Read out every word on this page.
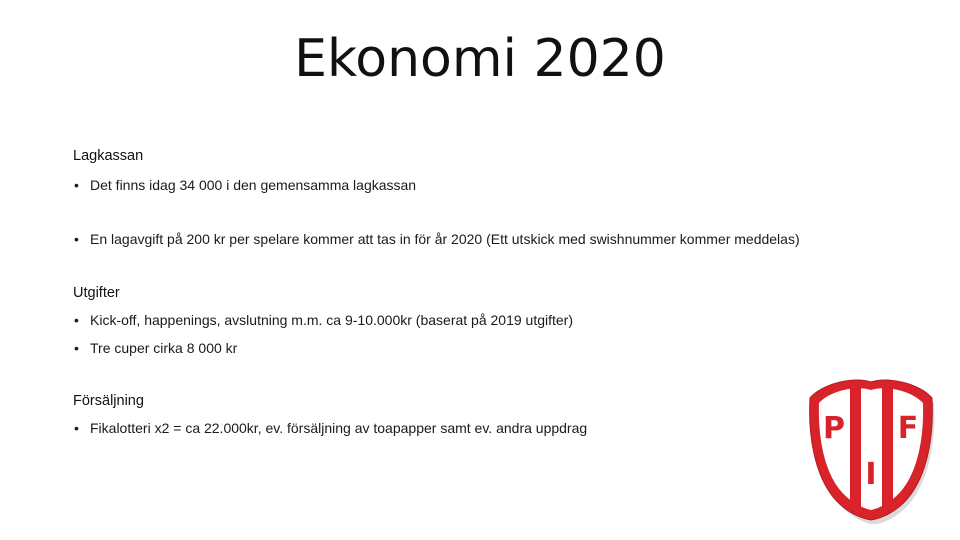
Ekonomi 2020

Lagkassan

• Det finns idag 34 000 i den gemensamma lagkassan
• En lagavgift på 200 kr per spelare kommer att tas in för år 2020 (Ett utskick med swishnummer kommer meddelas)

Utgifter

• Kick-off, happenings, avslutning m.m. ca 9-10.000kr (baserat på 2019 utgifter)
• Tre cuper cirka 8 000 kr

Försäljning

• Fikalotteri x2 = ca 22.000kr, ev. försäljning av toapapper samt ev. andra uppdrag	P
I
F
